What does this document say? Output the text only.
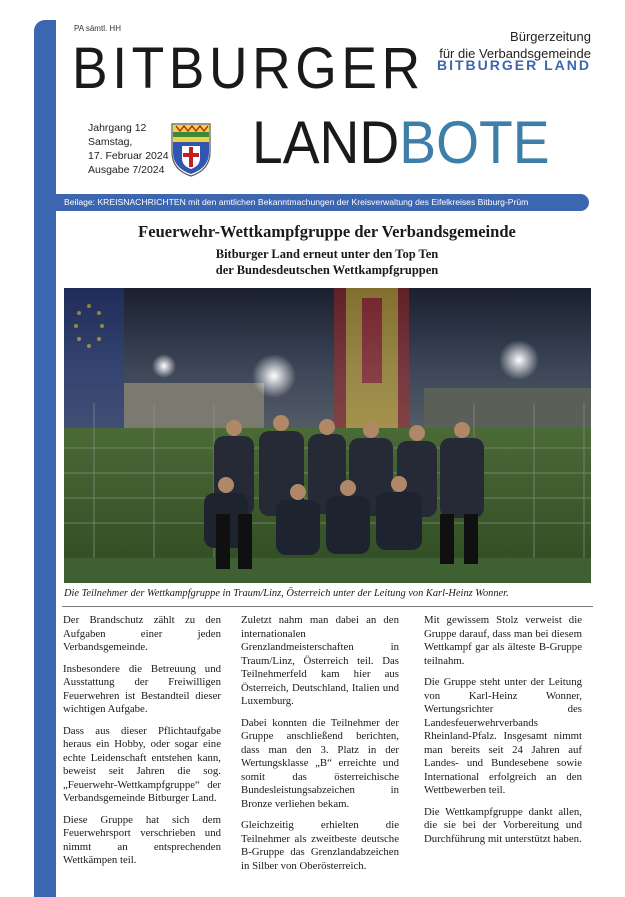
PA sämtl. HH
Bürgerzeitung
für die Verbandsgemeinde
BITBURGER LAND
BITBURGER
LANDBOTE
Jahrgang 12
Samstag,
17. Februar 2024
Ausgabe 7/2024
Beilage: KREISNACHRICHTEN mit den amtlichen Bekanntmachungen der Kreisverwaltung des Eifelkreises Bitburg-Prüm
Feuerwehr-Wettkampfgruppe der Verbandsgemeinde
Bitburger Land erneut unter den Top Ten
der Bundesdeutschen Wettkampfgruppen
Die Teilnehmer der Wettkampfgruppe in Traum/Linz, Österreich unter der Leitung von Karl-Heinz Wonner.

Der Brandschutz zählt zu den Aufgaben einer jeden Verbandsgemeinde.

Insbesondere die Betreuung und Ausstattung der Freiwilligen Feuerwehren ist Bestandteil dieser wichtigen Aufgabe.

Dass aus dieser Pflichtaufgabe heraus ein Hobby, oder sogar eine echte Leidenschaft entstehen kann, beweist seit Jahren die sog. „Feuerwehr-Wettkampfgruppe“ der Verbandsgemeinde Bitburger Land.

Diese Gruppe hat sich dem Feuerwehrsport verschrieben und nimmt an entsprechenden Wettkämpen teil.

Zuletzt nahm man dabei an den internationalen Grenzlandmeisterschaften in Traum/Linz, Österreich teil. Das Teilnehmerfeld kam hier aus Österreich, Deutschland, Italien und Luxemburg.

Dabei konnten die Teilnehmer der Gruppe anschließend berichten, dass man den 3. Platz in der Wertungsklasse „B“ erreichte und somit das österreichische Bundesleistungsabzeichen in Bronze verliehen bekam.

Gleichzeitig erhielten die Teilnehmer als zweitbeste deutsche B-Gruppe das Grenzlandabzeichen in Silber von Oberösterreich.

Mit gewissem Stolz verweist die Gruppe darauf, dass man bei diesem Wettkampf gar als älteste B-Gruppe teilnahm.

Die Gruppe steht unter der Leitung von Karl-Heinz Wonner, Wertungsrichter des Landesfeuerwehrverbands Rheinland-Pfalz. Insgesamt nimmt man bereits seit 24 Jahren auf Landes- und Bundesebene sowie International erfolgreich an den Wettbewerben teil.

Die Wettkampfgruppe dankt allen, die sie bei der Vorbereitung und Durchführung mit unterstützt haben.
